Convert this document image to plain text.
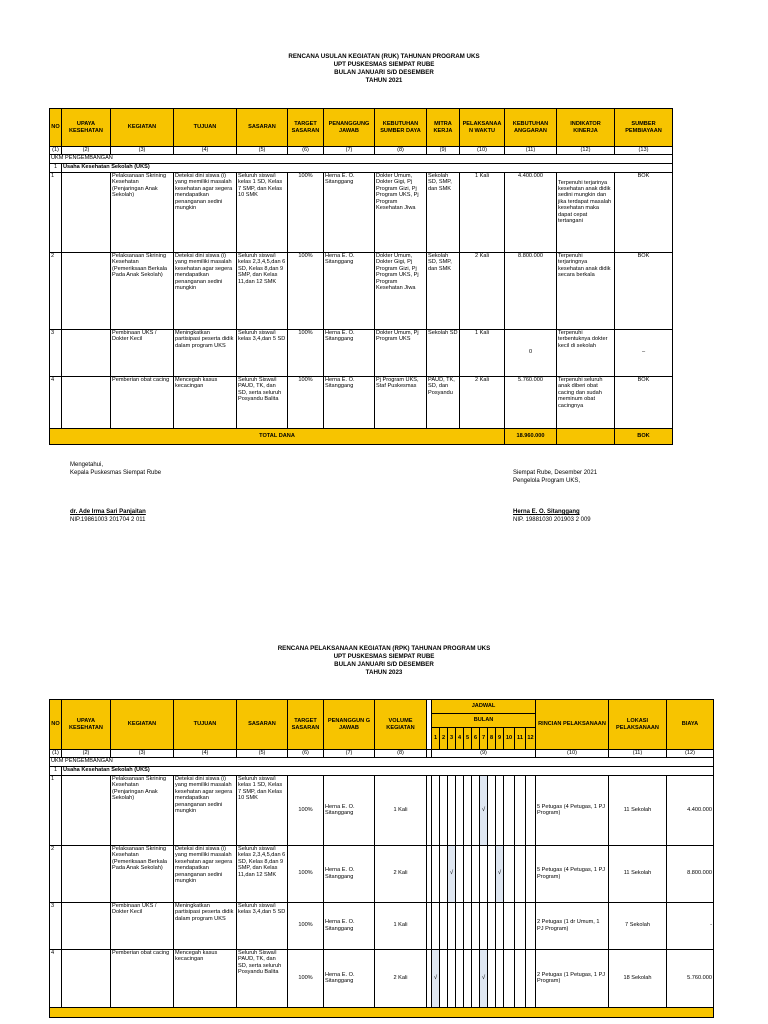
RENCANA USULAN KEGIATAN (RUK) TAHUNAN PROGRAM UKS
UPT PUSKESMAS SIEMPAT RUBE
BULAN JANUARI S/D DESEMBER
TAHUN 2021
NO	UPAYA KESEHATAN	KEGIATAN	TUJUAN	SASARAN	TARGET SASARAN	PENANGGUNG JAWAB	KEBUTUHAN SUMBER DAYA	MITRA KERJA	PELAKSANAA N WAKTU	KEBUTUHAN ANGGARAN	INDIKATOR KINERJA	SUMBER PEMBIAYAAN
(1)	(2)	(3)	(4)	(5)	(6)	(7)	(8)	(9)	(10)	(11)	(12)	(13)
UKM PENGEMBANGAN												
1	Usaha Kesehatan Sekolah (UKS)											
1		Pelaksanaan Skrining Kesehatan (Penjaringan Anak Sekolah)	Deteksi dini siswa (i) yang memiliki masalah kesehatan agar segera mendapatkan penanganan sedini mungkin	Seluruh siswa/i kelas 1 SD, Kelas 7 SMP, dan Kelas 10 SMK	100%	Herna E. O. Sitanggang	Dokter Umum, Dokter Gigi, Pj Program Gizi, Pj Program UKS, Pj Program Kesehatan Jiwa	Sekolah SD, SMP, dan SMK	1 Kali	4.400.000	Terpenuhi terjarinya kesehatan anak didik sedini mungkin dan jika terdapat masalah kesehatan maka dapat cepat tertangani	BOK
2		Pelaksanaan Skrining Kesehatan (Pemeriksaan Berkala Pada Anak Sekolah)	Deteksi dini siswa (i) yang memiliki masalah kesehatan agar segera mendapatkan penanganan sedini mungkin	Seluruh siswa/i kelas 2,3,4,5,dan 6 SD, Kelas 8,dan 9 SMP, dan Kelas 11,dan 12 SMK	100%	Herna E. O. Sitanggang	Dokter Umum, Dokter Gigi, Pj Program Gizi, Pj Program UKS, Pj Program Kesehatan Jiwa	Sekolah SD, SMP, dan SMK	2 Kali	8.800.000	Terpenuhi terjaringnya kesehatan anak didik secara berkala	BOK
3		Pembinaan UKS / Dokter Kecil	Meningkatkan partisipasi peserta didik dalam program UKS	Seluruh siswa/i kelas 3,4,dan 5 SD	100%	Herna E. O. Sitanggang	Dokter Umum, Pj Program UKS	Sekolah SD	1 Kali	0	Terpenuhi terbentuknya dokter kecil di sekolah	–
4		Pemberian obat cacing	Mencegah kasus kecacingan	Seluruh Siswa/i PAUD, TK, dan SD, serta seluruh Posyandu Balita	100%	Herna E. O. Sitanggang	Pj Program UKS, Staf Puskesmas	PAUD, TK, SD, dan Posyandu	2 Kali	5.760.000	Terpenuhi seluruh anak diberi obat cacing dan sudah meminum obat cacingnya	BOK
TOTAL DANA										18.960.000		BOK
Mengetahui,
Kepala Puskesmas Siempat Rube
dr. Ade Irma Sari Panjaitan
NIP.19861003 201704 2 011
Siempat Rube, Desember 2021
Pengelola Program UKS,
Herna E. O. Sitanggang
NIP. 19881030 201903 2 009
RENCANA PELAKSANAAN KEGIATAN (RPK) TAHUNAN PROGRAM UKS
UPT PUSKESMAS SIEMPAT RUBE
BULAN JANUARI S/D DESEMBER
TAHUN 2023
NO	UPAYA KESEHATAN	KEGIATAN	TUJUAN	SASARAN	TARGET SASARAN	PENANGGUN G JAWAB	VOLUME KEGIATAN		JADWAL												RINCIAN PELAKSANAAN	LOKASI PELAKSANAAN	BIAYA
									BULAN														
									1	2	3	4	5	6	7	8	9	10	11	12			
(1)	(2)	(3)	(4)	(5)	(6)	(7)	(8)		(9)												(10)	(11)	(12)
UKM PENGEMBANGAN																							
1	Usaha Kesehatan Sekolah (UKS)																						
1		Pelaksanaan Skrining Kesehatan (Penjaringan Anak Sekolah)	Deteksi dini siswa (i) yang memiliki masalah kesehatan agar segera mendapatkan penanganan sedini mungkin	Seluruh siswa/i kelas 1 SD, Kelas 7 SMP, dan Kelas 10 SMK	100%	Herna E. O. Sitanggang	1 Kali								√						5 Petugas (4 Petugas, 1 PJ Program)	11 Sekolah	4.400.000
2		Pelaksanaan Skrining Kesehatan (Pemeriksaan Berkala Pada Anak Sekolah)	Deteksi dini siswa (i) yang memiliki masalah kesehatan agar segera mendapatkan penanganan sedini mungkin	Seluruh siswa/i kelas 2,3,4,5,dan 6 SD, Kelas 8,dan 9 SMP, dan Kelas 11,dan 12 SMK	100%	Herna E. O. Sitanggang	2 Kali				√						√				5 Petugas (4 Petugas, 1 PJ Program)	11 Sekolah	8.800.000
3		Pembinaan UKS / Dokter Kecil	Meningkatkan partisipasi peserta didik dalam program UKS	Seluruh siswa/i kelas 3,4,dan 5 SD	100%	Herna E. O. Sitanggang	1 Kali														2 Petugas (1 dr Umum, 1 PJ Program)	7 Sekolah	-
4		Pemberian obat cacing	Mencegah kasus kecacingan	Seluruh Siswa/i PAUD, TK, dan SD, serta seluruh Posyandu Balita	100%	Herna E. O. Sitanggang	2 Kali		√						√						2 Petugas (1 Petugas, 1 PJ Program)	18 Sekolah	5.760.000
